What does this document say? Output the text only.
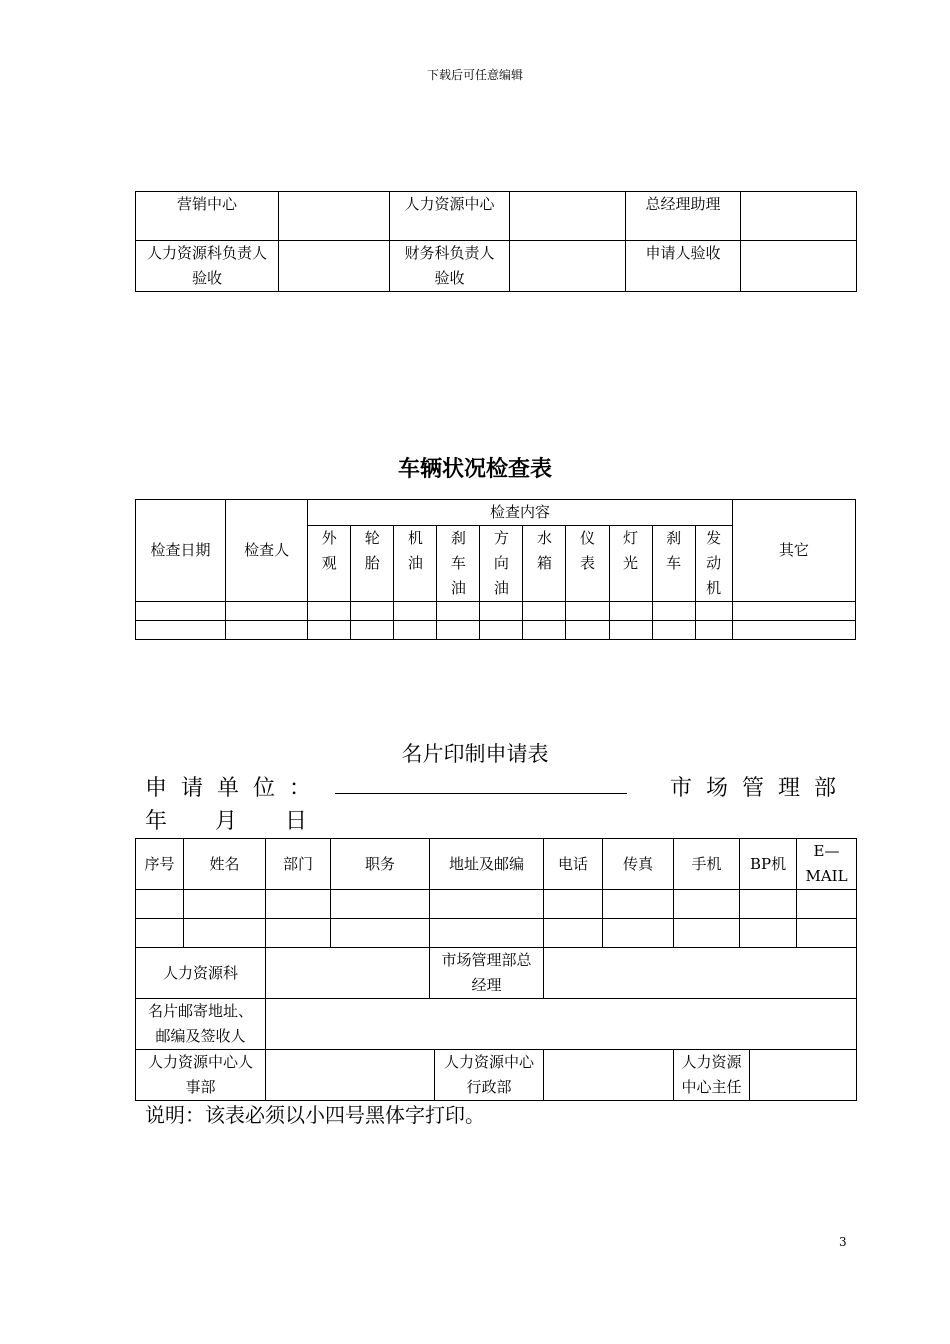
下载后可任意编辑
营销中心		人力资源中心		总经理助理	
人力资源科负责人验收		财务科负责人验收		申请人验收	
车辆状况检查表
检查日期	检查人	检查内容										其它
		外观	轮胎	机油	刹车油	方向油	水箱	仪表	灯光	刹车	发动机	

名片印制申请表
申请单位：	市场管理部
年 月 日
序号	姓名	部门	职务	地址及邮编		电话	传真	手机	BP机		E—MAIL

人力资源科				市场管理部总经理							
名片邮寄地址、邮编及签收人											
人力资源中心人事部					人力资源中心行政部			人力资源中心主任			
说明：该表必须以小四号黑体字打印。
3
